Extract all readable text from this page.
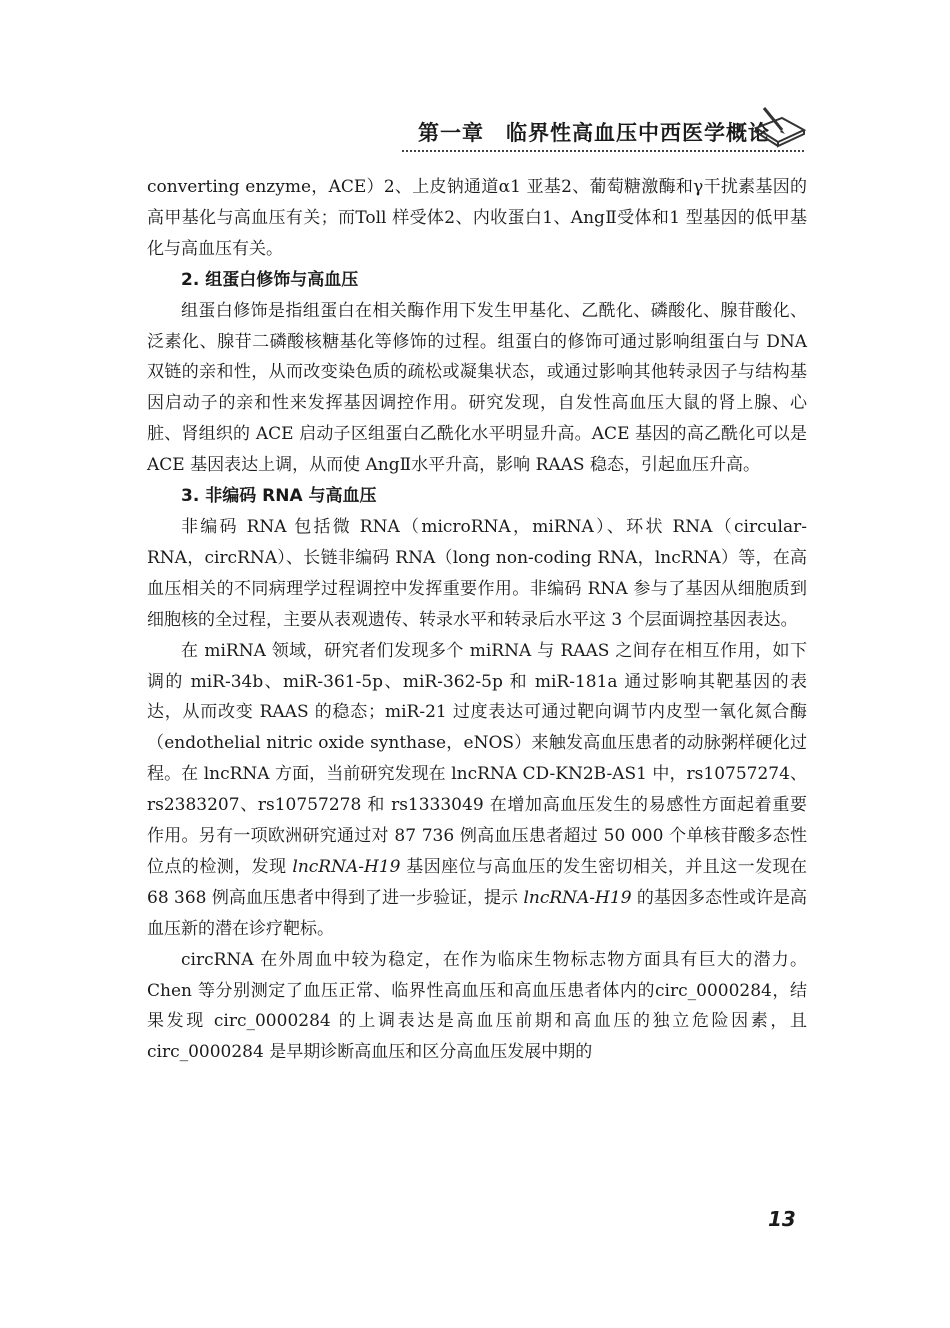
第一章　临界性高血压中西医学概论

converting enzyme，ACE）2、上皮钠通道α1 亚基2、葡萄糖激酶和γ干扰素基因的高甲基化与高血压有关；而Toll 样受体2、内收蛋白1、AngⅡ受体和1 型基因的低甲基化与高血压有关。

2. 组蛋白修饰与高血压

组蛋白修饰是指组蛋白在相关酶作用下发生甲基化、乙酰化、磷酸化、腺苷酸化、泛素化、腺苷二磷酸核糖基化等修饰的过程。组蛋白的修饰可通过影响组蛋白与 DNA 双链的亲和性，从而改变染色质的疏松或凝集状态，或通过影响其他转录因子与结构基因启动子的亲和性来发挥基因调控作用。研究发现，自发性高血压大鼠的肾上腺、心脏、肾组织的 ACE 启动子区组蛋白乙酰化水平明显升高。ACE 基因的高乙酰化可以是 ACE 基因表达上调，从而使 AngⅡ水平升高，影响 RAAS 稳态，引起血压升高。

3. 非编码 RNA 与高血压

非编码 RNA 包括微 RNA（microRNA，miRNA）、环状 RNA（circular-RNA，circRNA）、长链非编码 RNA（long non-coding RNA，lncRNA）等，在高血压相关的不同病理学过程调控中发挥重要作用。非编码 RNA 参与了基因从细胞质到细胞核的全过程，主要从表观遗传、转录水平和转录后水平这 3 个层面调控基因表达。

在 miRNA 领域，研究者们发现多个 miRNA 与 RAAS 之间存在相互作用，如下调的 miR-34b、miR-361-5p、miR-362-5p 和 miR-181a 通过影响其靶基因的表达，从而改变 RAAS 的稳态；miR-21 过度表达可通过靶向调节内皮型一氧化氮合酶（endothelial nitric oxide synthase，eNOS）来触发高血压患者的动脉粥样硬化过程。在 lncRNA 方面，当前研究发现在 lncRNA CD-KN2B-AS1 中，rs10757274、rs2383207、rs10757278 和 rs1333049 在增加高血压发生的易感性方面起着重要作用。另有一项欧洲研究通过对 87 736 例高血压患者超过 50 000 个单核苷酸多态性位点的检测，发现 lncRNA-H19 基因座位与高血压的发生密切相关，并且这一发现在 68 368 例高血压患者中得到了进一步验证，提示 lncRNA-H19 的基因多态性或许是高血压新的潜在诊疗靶标。

circRNA 在外周血中较为稳定，在作为临床生物标志物方面具有巨大的潜力。Chen 等分别测定了血压正常、临界性高血压和高血压患者体内的circ_0000284，结果发现 circ_0000284 的上调表达是高血压前期和高血压的独立危险因素，且 circ_0000284 是早期诊断高血压和区分高血压发展中期的

13
